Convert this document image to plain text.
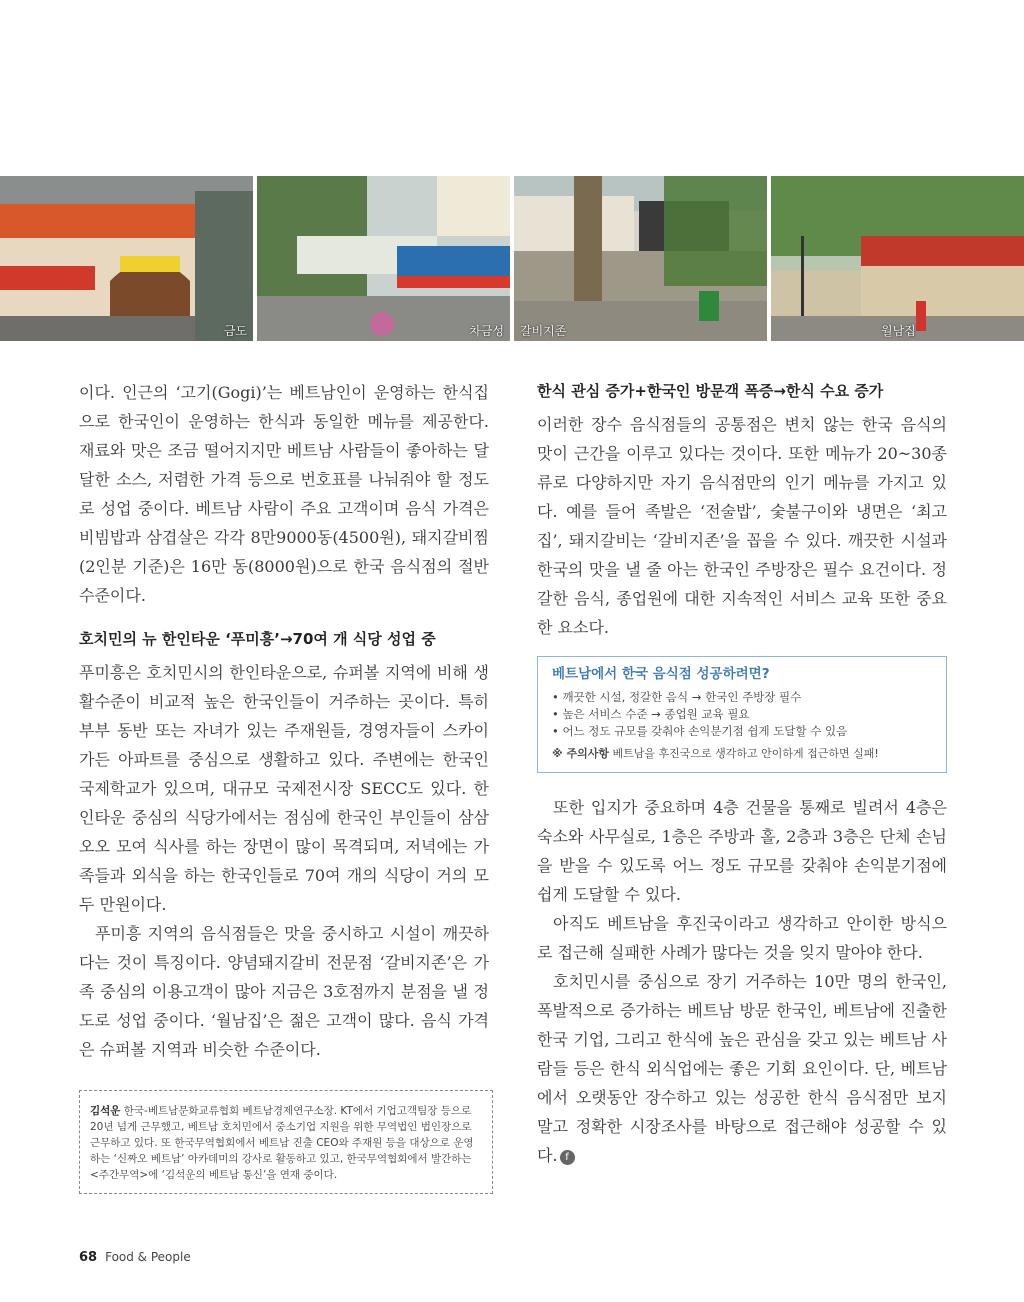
금도	차금성 갈비지존	월남집

이다. 인근의 ‘고기(Gogi)’는 베트남인이 운영하는 한식집으로 한국인이 운영하는 한식과 동일한 메뉴를 제공한다. 재료와 맛은 조금 떨어지지만 베트남 사람들이 좋아하는 달달한 소스, 저렴한 가격 등으로 번호표를 나눠줘야 할 정도로 성업 중이다. 베트남 사람이 주요 고객이며 음식 가격은 비빔밥과 삼겹살은 각각 8만9000동(4500원), 돼지갈비찜(2인분 기준)은 16만 동(8000원)으로 한국 음식점의 절반 수준이다.

호치민의 뉴 한인타운 ‘푸미흥’→70여 개 식당 성업 중

푸미흥은 호치민시의 한인타운으로, 슈퍼볼 지역에 비해 생활수준이 비교적 높은 한국인들이 거주하는 곳이다. 특히 부부 동반 또는 자녀가 있는 주재원들, 경영자들이 스카이가든 아파트를 중심으로 생활하고 있다. 주변에는 한국인 국제학교가 있으며, 대규모 국제전시장 SECC도 있다. 한인타운 중심의 식당가에서는 점심에 한국인 부인들이 삼삼오오 모여 식사를 하는 장면이 많이 목격되며, 저녁에는 가족들과 외식을 하는 한국인들로 70여 개의 식당이 거의 모두 만원이다.

푸미흥 지역의 음식점들은 맛을 중시하고 시설이 깨끗하다는 것이 특징이다. 양념돼지갈비 전문점 ‘갈비지존’은 가족 중심의 이용고객이 많아 지금은 3호점까지 분점을 낼 정도로 성업 중이다. ‘월남집’은 젊은 고객이 많다. 음식 가격은 슈퍼볼 지역과 비슷한 수준이다.

김석운 한국-베트남문화교류협회 베트남경제연구소장. KT에서 기업고객팀장 등으로 20년 넘게 근무했고, 베트남 호치민에서 중소기업 지원을 위한 무역법인 법인장으로 근무하고 있다. 또 한국무역협회에서 베트남 진출 CEO와 주재원 등을 대상으로 운영하는 ‘신짜오 베트남’ 아카데미의 강사로 활동하고 있고, 한국무역협회에서 발간하는 <주간무역>에 ‘김석운의 베트남 통신’을 연재 중이다.
한식 관심 증가+한국인 방문객 폭증→한식 수요 증가

이러한 장수 음식점들의 공통점은 변치 않는 한국 음식의 맛이 근간을 이루고 있다는 것이다. 또한 메뉴가 20~30종류로 다양하지만 자기 음식점만의 인기 메뉴를 가지고 있다. 예를 들어 족발은 ‘전술밥’, 숯불구이와 냉면은 ‘최고집’, 돼지갈비는 ‘갈비지존’을 꼽을 수 있다. 깨끗한 시설과 한국의 맛을 낼 줄 아는 한국인 주방장은 필수 요건이다. 정갈한 음식, 종업원에 대한 지속적인 서비스 교육 또한 중요한 요소다.

베트남에서 한국 음식점 성공하려면?
• 깨끗한 시설, 정갈한 음식 → 한국인 주방장 필수
• 높은 서비스 수준 → 종업원 교육 필요
• 어느 정도 규모를 갖춰야 손익분기점 쉽게 도달할 수 있음
※ 주의사항 베트남을 후진국으로 생각하고 안이하게 접근하면 실패!

또한 입지가 중요하며 4층 건물을 통째로 빌려서 4층은 숙소와 사무실로, 1층은 주방과 홀, 2층과 3층은 단체 손님을 받을 수 있도록 어느 정도 규모를 갖춰야 손익분기점에 쉽게 도달할 수 있다.

아직도 베트남을 후진국이라고 생각하고 안이한 방식으로 접근해 실패한 사례가 많다는 것을 잊지 말아야 한다.

호치민시를 중심으로 장기 거주하는 10만 명의 한국인, 폭발적으로 증가하는 베트남 방문 한국인, 베트남에 진출한 한국 기업, 그리고 한식에 높은 관심을 갖고 있는 베트남 사람들 등은 한식 외식업에는 좋은 기회 요인이다. 단, 베트남에서 오랫동안 장수하고 있는 성공한 한식 음식점만 보지 말고 정확한 시장조사를 바탕으로 접근해야 성공할 수 있다. f

68 Food & People
